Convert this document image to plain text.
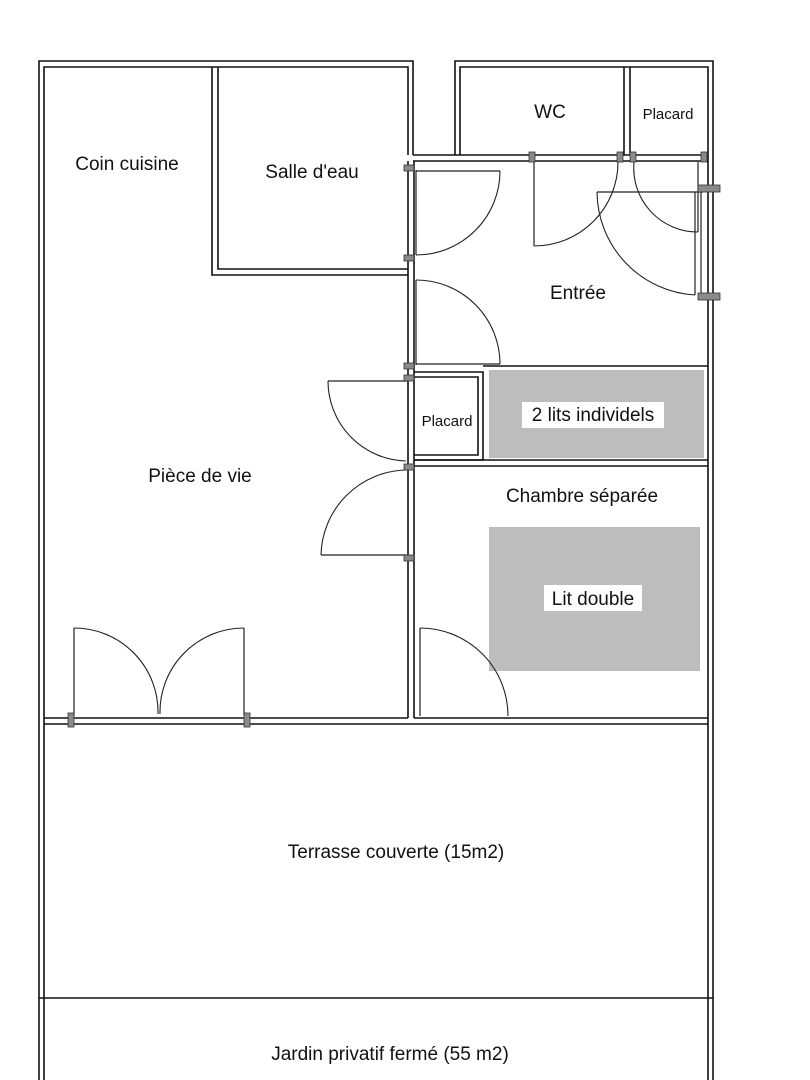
Coin cuisine	Salle d'eau
WC	Placard
Entrée
Placard	2 lits individels
Pièce de vie
Chambre séparée
Lit double
Terrasse couverte (15m2)
Jardin privatif fermé (55 m2)
